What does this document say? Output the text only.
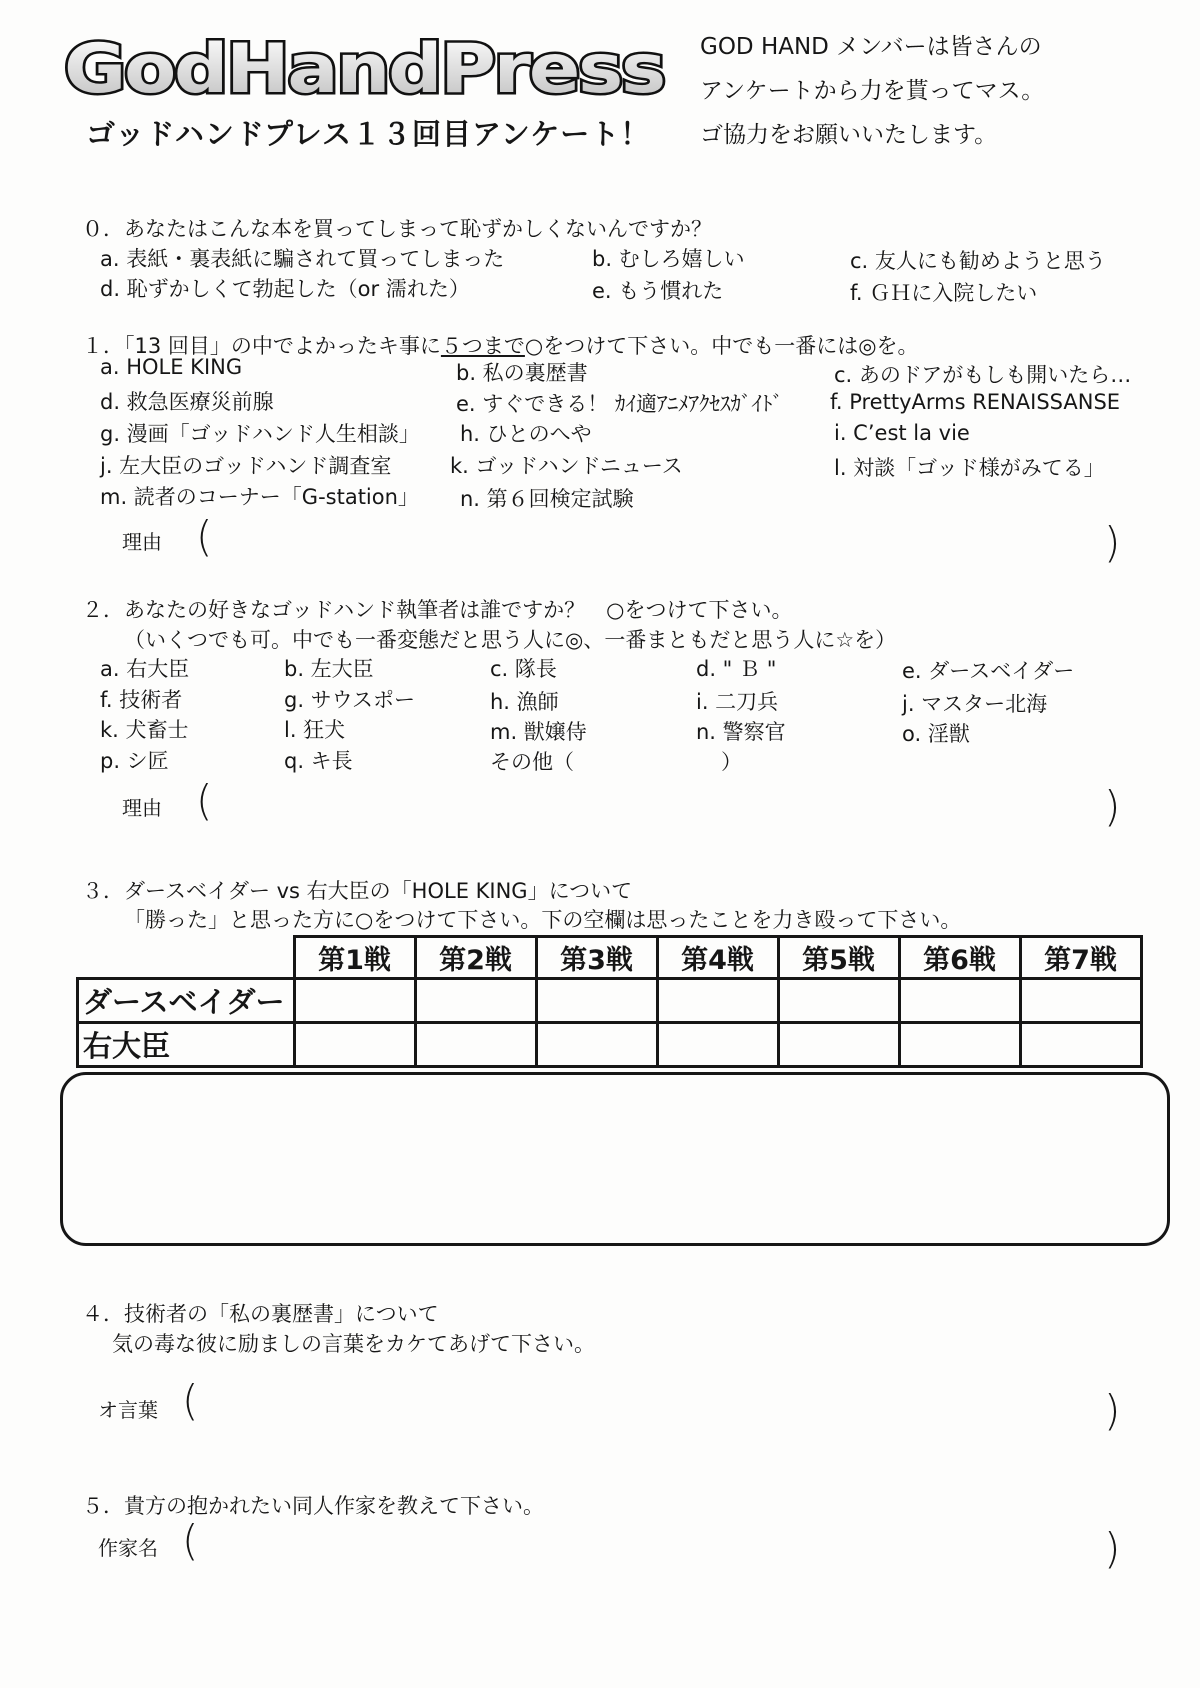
GodHandPress
ゴッドハンドプレス１３回目アンケート！
GOD HAND メンバーは皆さんの
アンケートから力を貰ってマス。
ゴ協力をお願いいたします。
０．あなたはこんな本を買ってしまって恥ずかしくないんですか？
a. 表紙・裏表紙に騙されて買ってしまった	b. むしろ嬉しい	c. 友人にも勧めようと思う
d. 恥ずかしくて勃起した（or 濡れた）	e. もう慣れた	f. ＧＨに入院したい
１．「13 回目」の中でよかったキ事に５つまで○をつけて下さい。中でも一番には◎を。
a. HOLE KING	b. 私の裏歴書	c. あのドアがもしも開いたら…
d. 救急医療災前腺	e. すぐできる！ ｶｲ適ｱﾆﾒｱｸｾｽｶﾞｲﾄﾞ f. PrettyArms RENAISSANSE
g. 漫画「ゴッドハンド人生相談」 h. ひとのへや	i. C’est la vie
j. 左大臣のゴッドハンド調査室	k. ゴッドハンドニュース	l. 対談「ゴッド様がみてる」
m. 読者のコーナー「G-station」 n. 第６回検定試験
理由 (	)
２．あなたの好きなゴッドハンド執筆者は誰ですか？　○をつけて下さい。
（いくつでも可。中でも一番変態だと思う人に◎、一番まともだと思う人に☆を）
a. 右大臣	b. 左大臣	c. 隊長	d. " Ｂ "	e. ダースベイダー
f. 技術者	g. サウスポー	h. 漁師	i. 二刀兵	j. マスター北海
k. 犬畜士	l. 狂犬	m. 獣嬢侍	n. 警察官	o. 淫獣
p. シ匠	q. キ長	その他（　　　　　　　）
理由 (	)
３．ダースベイダー vs 右大臣の「HOLE KING」について
「勝った」と思った方に○をつけて下さい。下の空欄は思ったことを力き殴って下さい。
	第1戦	第2戦	第3戦	第4戦	第5戦	第6戦	第7戦
ダースベイダー							
右大臣							
４．技術者の「私の裏歴書」について
気の毒な彼に励ましの言葉をカケてあげて下さい。
オ言葉 (	)
５．貴方の抱かれたい同人作家を教えて下さい。
作家名 (	)
